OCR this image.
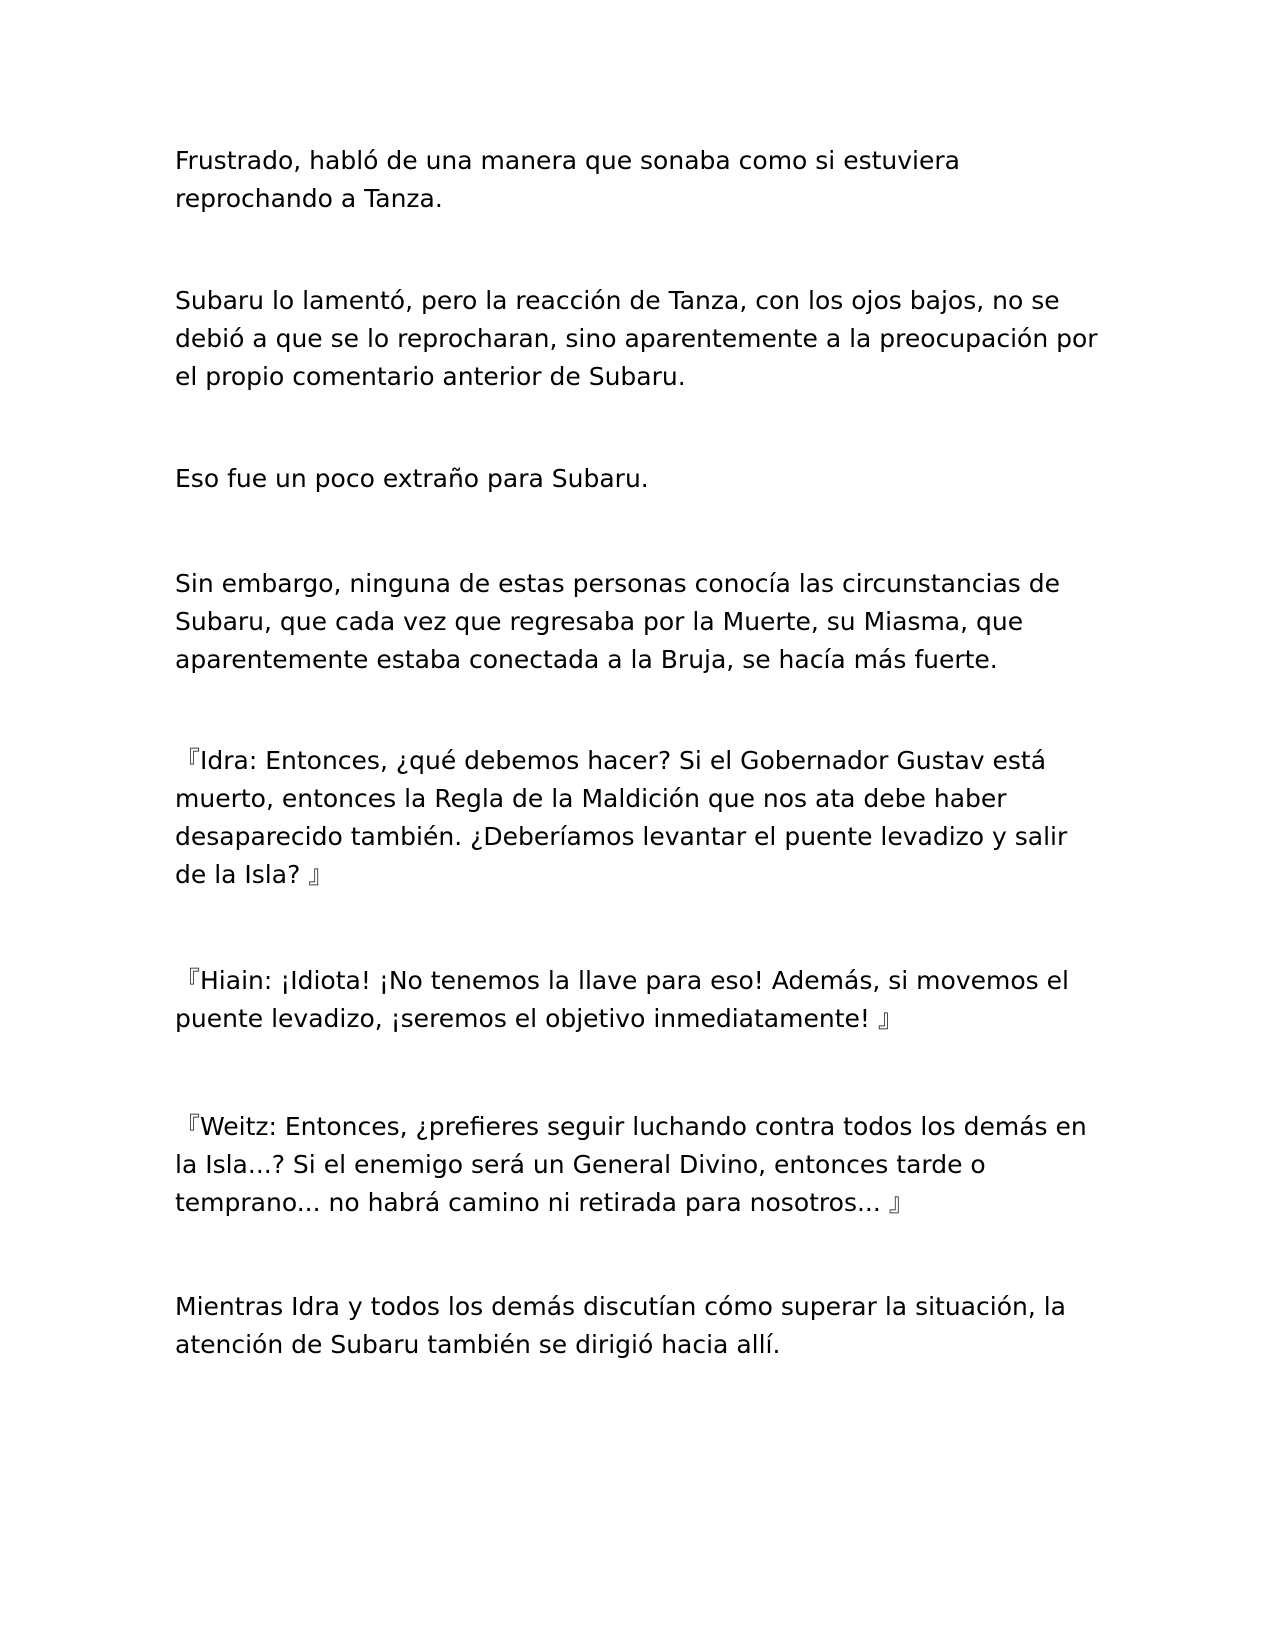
Frustrado, habló de una manera que sonaba como si estuviera reprochando a Tanza.

Subaru lo lamentó, pero la reacción de Tanza, con los ojos bajos, no se debió a que se lo reprocharan, sino aparentemente a la preocupación por el propio comentario anterior de Subaru.

Eso fue un poco extraño para Subaru.

Sin embargo, ninguna de estas personas conocía las circunstancias de Subaru, que cada vez que regresaba por la Muerte, su Miasma, que aparentemente estaba conectada a la Bruja, se hacía más fuerte.

『Idra: Entonces, ¿qué debemos hacer? Si el Gobernador Gustav está muerto, entonces la Regla de la Maldición que nos ata debe haber desaparecido también. ¿Deberíamos levantar el puente levadizo y salir de la Isla? 』

『Hiain: ¡Idiota! ¡No tenemos la llave para eso! Además, si movemos el puente levadizo, ¡seremos el objetivo inmediatamente! 』

『Weitz: Entonces, ¿prefieres seguir luchando contra todos los demás en la Isla...? Si el enemigo será un General Divino, entonces tarde o temprano... no habrá camino ni retirada para nosotros... 』

Mientras Idra y todos los demás discutían cómo superar la situación, la atención de Subaru también se dirigió hacia allí.
